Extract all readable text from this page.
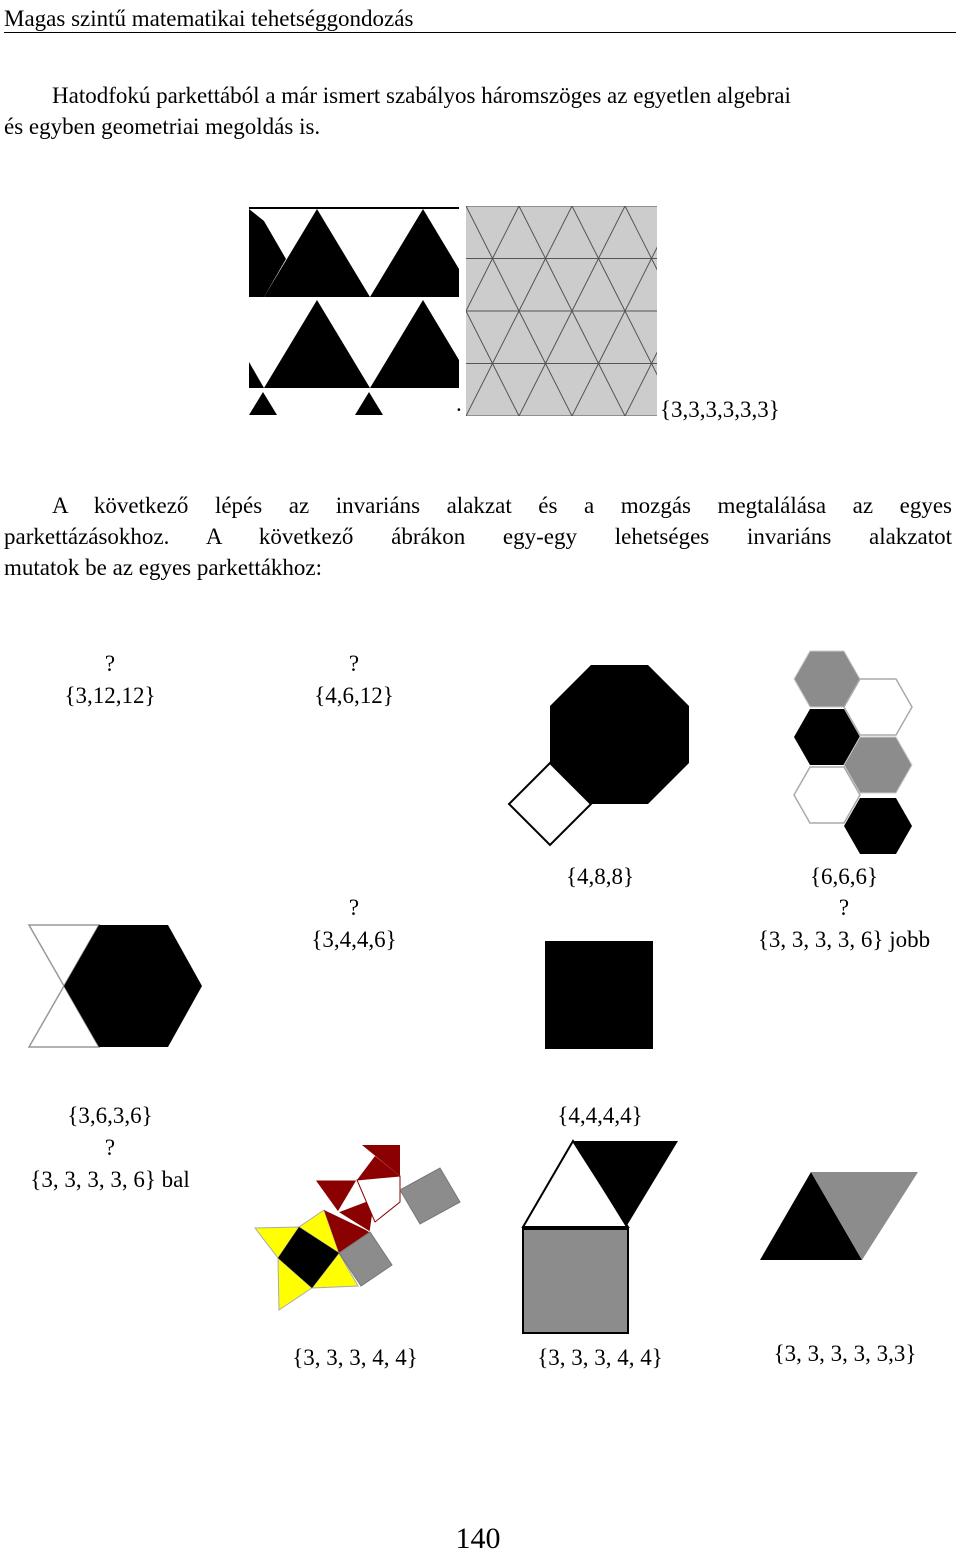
Magas szintű matematikai tehetséggondozás
Hatodfokú parkettából a már ismert szabályos háromszöges az egyetlen algebrai
és egyben geometriai megoldás is.
.	{3,3,3,3,3,3}
A következő lépés az invariáns alakzat és a mozgás megtalálása az egyes
parkettázásokhoz. A következő ábrákon egy-egy lehetséges invariáns alakzatot
mutatok be az egyes parkettákhoz:
?
{3,12,12}
?
{4,6,12}
{4,8,8}	{6,6,6}
?
{3,4,4,6}
?
{3, 3, 3, 3, 6} jobb
{3,6,3,6}
?
{3, 3, 3, 3, 6} bal
{4,4,4,4}
{3, 3, 3, 4, 4}	{3, 3, 3, 4, 4}	{3, 3, 3, 3, 3,3}
140
